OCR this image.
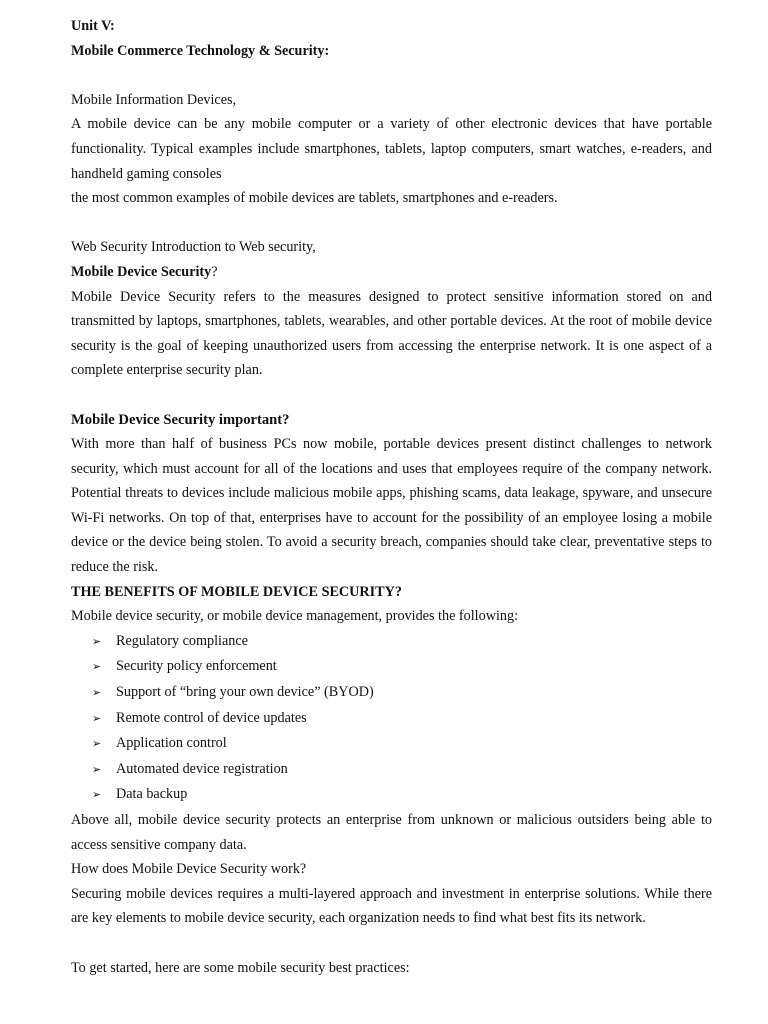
Unit V:

Mobile Commerce Technology & Security:

Mobile Information Devices,

A mobile device can be any mobile computer or a variety of other electronic devices that have portable functionality. Typical examples include smartphones, tablets, laptop computers, smart watches, e-readers, and handheld gaming consoles

the most common examples of mobile devices are tablets, smartphones and e-readers.

Web Security Introduction to Web security,

Mobile Device Security?

Mobile Device Security refers to the measures designed to protect sensitive information stored on and transmitted by laptops, smartphones, tablets, wearables, and other portable devices. At the root of mobile device security is the goal of keeping unauthorized users from accessing the enterprise network. It is one aspect of a complete enterprise security plan.

Mobile Device Security important?

With more than half of business PCs now mobile, portable devices present distinct challenges to network security, which must account for all of the locations and uses that employees require of the company network. Potential threats to devices include malicious mobile apps, phishing scams, data leakage, spyware, and unsecure Wi-Fi networks. On top of that, enterprises have to account for the possibility of an employee losing a mobile device or the device being stolen. To avoid a security breach, companies should take clear, preventative steps to reduce the risk.

THE BENEFITS OF MOBILE DEVICE SECURITY?

Mobile device security, or mobile device management, provides the following:

➢	Regulatory compliance
➢	Security policy enforcement
➢	Support of “bring your own device” (BYOD)
➢	Remote control of device updates
➢	Application control
➢	Automated device registration
➢	Data backup

Above all, mobile device security protects an enterprise from unknown or malicious outsiders being able to access sensitive company data.

How does Mobile Device Security work?

Securing mobile devices requires a multi-layered approach and investment in enterprise solutions. While there are key elements to mobile device security, each organization needs to find what best fits its network.

To get started, here are some mobile security best practices:
